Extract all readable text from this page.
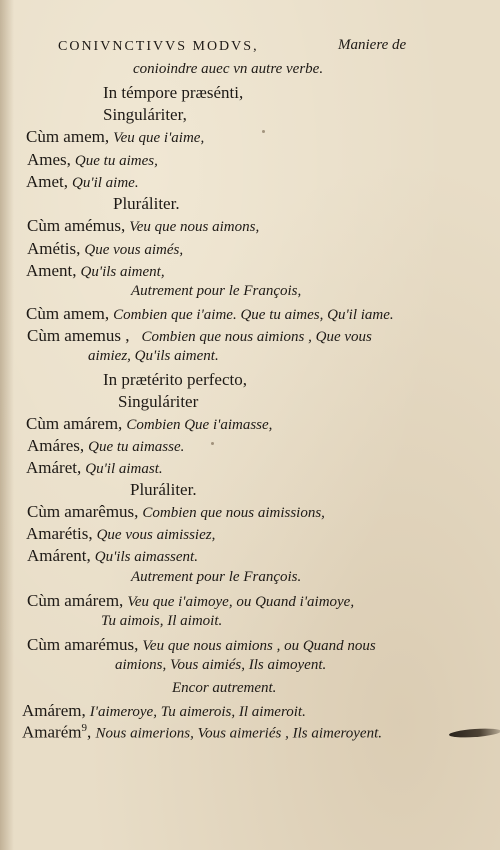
CONIVNCTIVVS MODVS,	Maniere de
conioindre auec vn autre verbe.
In témpore præsénti,
Singuláriter,
Cùm amem, Veu que i'aime,
Ames, Que tu aimes,
Amet, Qu'il aime.
Pluráliter.
Cùm amémus, Veu que nous aimons,
Amétis, Que vous aimés,
Ament, Qu'ils aiment,
Autrement pour le François,
Cùm amem, Combien que i'aime. Que tu aimes, Qu'il iame.
Cùm amemus , Combien que nous aimions , Que vous
aimiez, Qu'ils aiment.
In prætérito perfecto,
Singuláriter
Cùm amárem, Combien Que i'aimasse,
Amáres, Que tu aimasse.
Amáret, Qu'il aimast.
Pluráliter.
Cùm amarêmus, Combien que nous aimissions,
Amarétis, Que vous aimissiez,
Amárent, Qu'ils aimassent.
Autrement pour le François.
Cùm amárem, Veu que i'aimoye, ou Quand i'aimoye,
Tu aimois, Il aimoit.
Cùm amarémus, Veu que nous aimions , ou Quand nous
aimions, Vous aimiés, Ils aimoyent.
Encor autrement.
Amárem, I'aimeroye, Tu aimerois, Il aimeroit.
Amarém$^9$, Nous aimerions, Vous aimeriés , Ils aimeroyent.
